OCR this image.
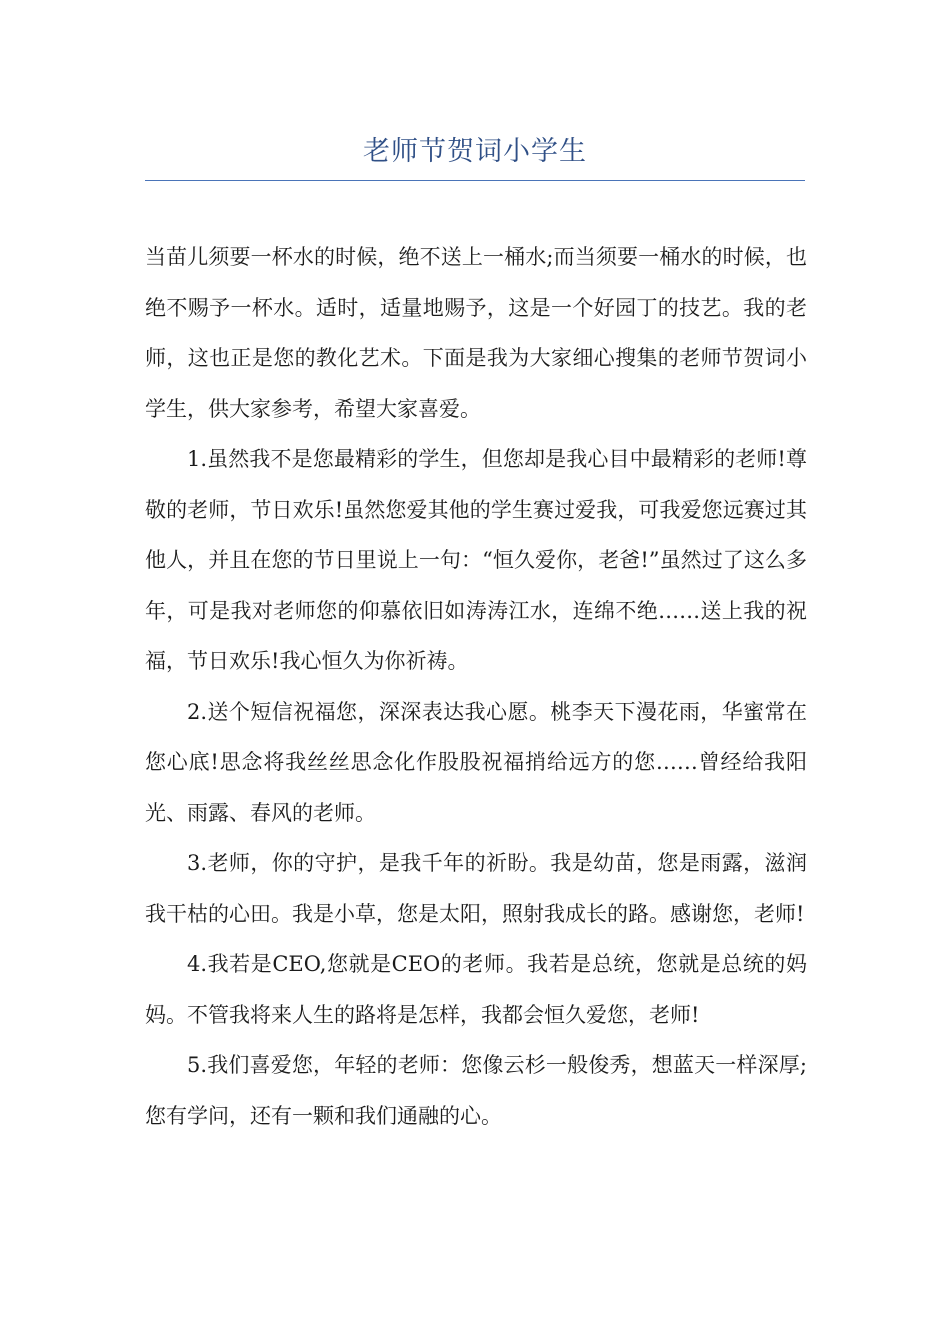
老师节贺词小学生

当苗儿须要一杯水的时候，绝不送上一桶水;而当须要一桶水的时候，也绝不赐予一杯水。适时，适量地赐予，这是一个好园丁的技艺。我的老师，这也正是您的教化艺术。下面是我为大家细心搜集的老师节贺词小学生，供大家参考，希望大家喜爱。

1.虽然我不是您最精彩的学生，但您却是我心目中最精彩的老师!尊敬的老师，节日欢乐!虽然您爱其他的学生赛过爱我，可我爱您远赛过其他人，并且在您的节日里说上一句：“恒久爱你，老爸!”虽然过了这么多年，可是我对老师您的仰慕依旧如涛涛江水，连绵不绝……送上我的祝福，节日欢乐!我心恒久为你祈祷。

2.送个短信祝福您，深深表达我心愿。桃李天下漫花雨，华蜜常在您心底!思念将我丝丝思念化作股股祝福捎给远方的您……曾经给我阳光、雨露、春风的老师。

3.老师，你的守护，是我千年的祈盼。我是幼苗，您是雨露，滋润我干枯的心田。我是小草，您是太阳，照射我成长的路。感谢您，老师!

4.我若是CEO,您就是CEO的老师。我若是总统，您就是总统的妈妈。不管我将来人生的路将是怎样，我都会恒久爱您，老师!

5.我们喜爱您，年轻的老师：您像云杉一般俊秀，想蓝天一样深厚;您有学问，还有一颗和我们通融的心。
